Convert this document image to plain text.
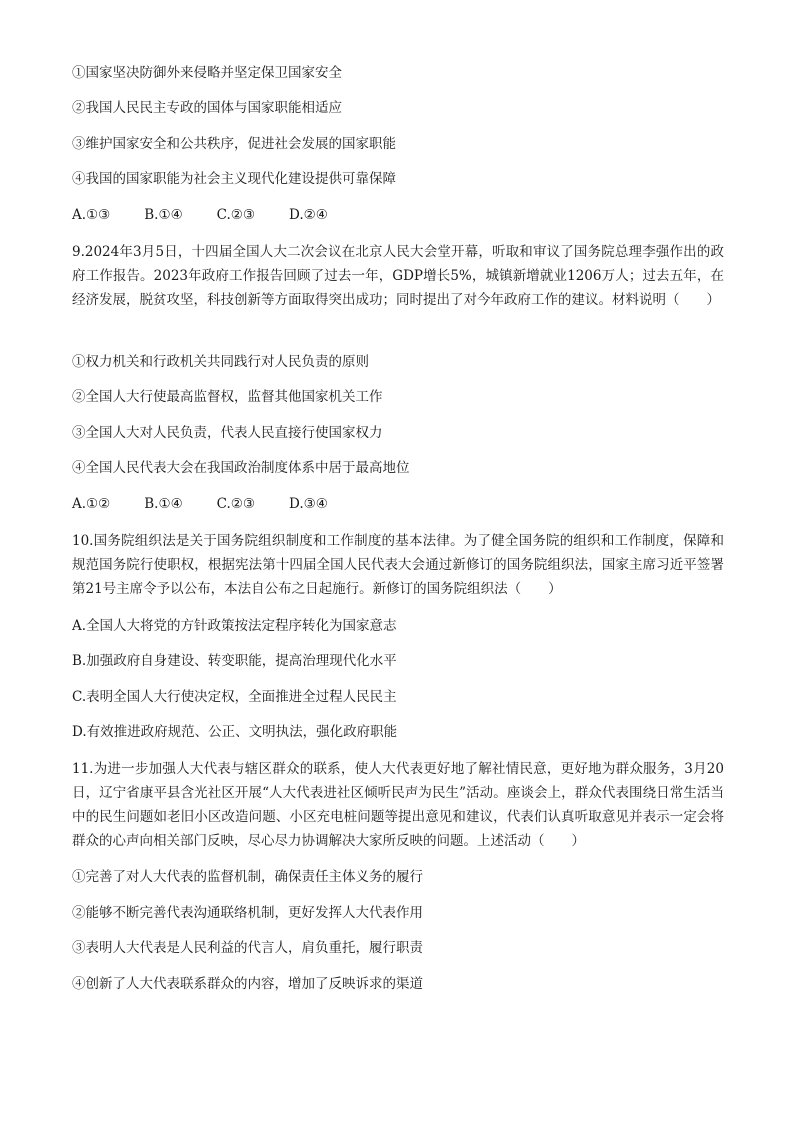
①国家坚决防御外来侵略并坚定保卫国家安全
②我国人民民主专政的国体与国家职能相适应
③维护国家安全和公共秩序，促进社会发展的国家职能
④我国的国家职能为社会主义现代化建设提供可靠保障
A.①③	B.①④	C.②③	D.②④

9.2024年3月5日，十四届全国人大二次会议在北京人民大会堂开幕，听取和审议了国务院总理李强作出的政府工作报告。2023年政府工作报告回顾了过去一年，GDP增长5%，城镇新增就业1206万人；过去五年，在经济发展，脱贫攻坚，科技创新等方面取得突出成功；同时提出了对今年政府工作的建议。材料说明（　　）

①权力机关和行政机关共同践行对人民负责的原则
②全国人大行使最高监督权，监督其他国家机关工作
③全国人大对人民负责，代表人民直接行使国家权力
④全国人民代表大会在我国政治制度体系中居于最高地位
A.①②	B.①④	C.②③	D.③④

10.国务院组织法是关于国务院组织制度和工作制度的基本法律。为了健全国务院的组织和工作制度，保障和规范国务院行使职权，根据宪法第十四届全国人民代表大会通过新修订的国务院组织法，国家主席习近平签署第21号主席令予以公布，本法自公布之日起施行。新修订的国务院组织法（　　）

A.全国人大将党的方针政策按法定程序转化为国家意志
B.加强政府自身建设、转变职能，提高治理现代化水平
C.表明全国人大行使决定权，全面推进全过程人民民主
D.有效推进政府规范、公正、文明执法，强化政府职能

11.为进一步加强人大代表与辖区群众的联系，使人大代表更好地了解社情民意，更好地为群众服务，3月20日，辽宁省康平县含光社区开展“人大代表进社区倾听民声为民生”活动。座谈会上，群众代表围绕日常生活当中的民生问题如老旧小区改造问题、小区充电桩问题等提出意见和建议，代表们认真听取意见并表示一定会将群众的心声向相关部门反映，尽心尽力协调解决大家所反映的问题。上述活动（　　）

①完善了对人大代表的监督机制，确保责任主体义务的履行
②能够不断完善代表沟通联络机制，更好发挥人大代表作用
③表明人大代表是人民利益的代言人，肩负重托，履行职责
④创新了人大代表联系群众的内容，增加了反映诉求的渠道
